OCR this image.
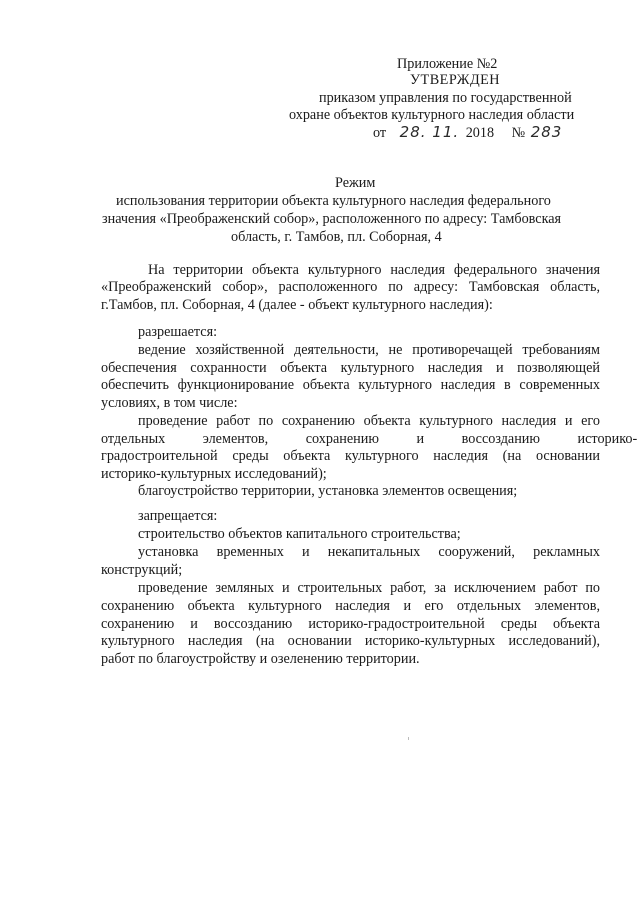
Приложение №2
УТВЕРЖДЕН
приказом управления по государственной
охране объектов культурного наследия области
от 28. 11. 2018 № 283
Режим
использования территории объекта культурного наследия федерального
значения «Преображенский собор», расположенного по адресу: Тамбовская
область, г. Тамбов, пл. Соборная, 4
На территории объекта культурного наследия федерального значения
«Преображенский собор», расположенного по адресу: Тамбовская область,
г.Тамбов, пл. Соборная, 4 (далее - объект культурного наследия):
разрешается:
ведение хозяйственной деятельности, не противоречащей требованиям
обеспечения сохранности объекта культурного наследия и позволяющей
обеспечить функционирование объекта культурного наследия в современных
условиях, в том числе:
проведение работ по сохранению объекта культурного наследия и его
отдельных элементов, сохранению и воссозданию историко-
градостроительной среды объекта культурного наследия (на основании
историко-культурных исследований);
благоустройство территории, установка элементов освещения;
запрещается:
строительство объектов капитального строительства;
установка временных и некапитальных сооружений, рекламных
конструкций;
проведение земляных и строительных работ, за исключением работ по
сохранению объекта культурного наследия и его отдельных элементов,
сохранению и воссозданию историко-градостроительной среды объекта
культурного наследия (на основании историко-культурных исследований),
работ по благоустройству и озеленению территории.
